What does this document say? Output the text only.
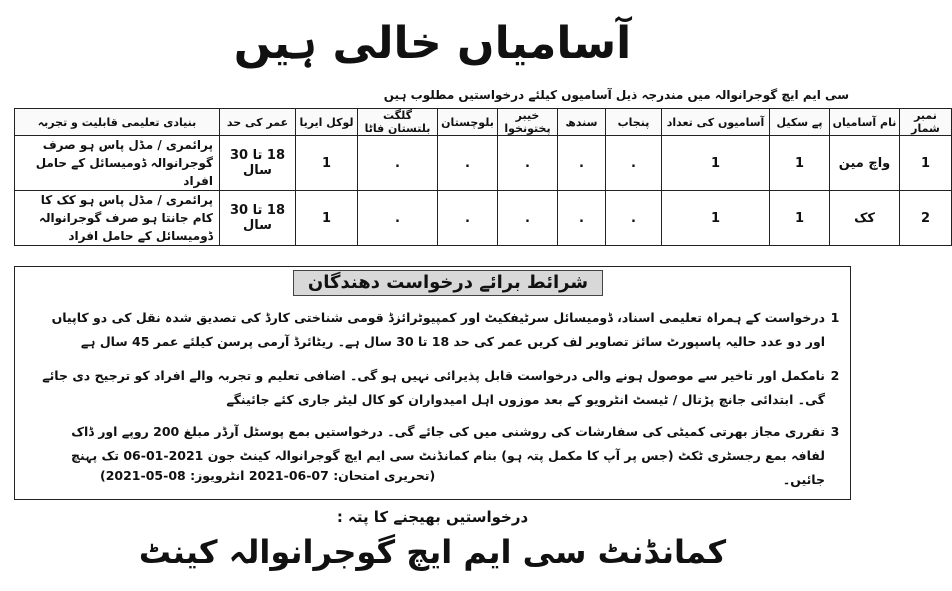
آسامیاں خالی ہیں
سی ایم ایچ گوجرانوالہ میں مندرجہ ذیل آسامیوں کیلئے درخواستیں مطلوب ہیں
نمبر شمار	نام آسامیاں	پے سکیل	آسامیوں کی تعداد	پنجاب	سندھ	خیبر پختونخوا	بلوچستان	گلگت بلتستان فاٹا	لوکل ایریا	عمر کی حد	بنیادی تعلیمی قابلیت و تجربہ
1	واچ مین	1	1	.	.	.	.	.	1	18 تا 30 سال	پرائمری / مڈل پاس ہو صرف گوجرانوالہ ڈومیسائل کے حامل افراد
2	کک	1	1	.	.	.	.	.	1	18 تا 30 سال	پرائمری / مڈل پاس ہو کک کا کام جانتا ہو صرف گوجرانوالہ ڈومیسائل کے حامل افراد
شرائط برائے درخواست دھندگان
1
درخواست کے ہمراہ تعلیمی اسناد، ڈومیسائل سرٹیفکیٹ اور کمپیوٹرائزڈ قومی شناختی کارڈ کی تصدیق شدہ نقل کی دو کاپیاں اور دو عدد حالیہ پاسپورٹ سائز تصاویر لف کریں عمر کی حد 18 تا 30 سال ہے۔ ریٹائرڈ آرمی پرسن کیلئے عمر 45 سال ہے
2
نامکمل اور تاخیر سے موصول ہونے والی درخواست قابل پذیرائی نہیں ہو گی۔ اضافی تعلیم و تجربہ والے افراد کو ترجیح دی جائے گی۔ ابتدائی جانچ پڑتال / ٹیسٹ انٹرویو کے بعد موزوں اہل امیدواران کو کال لیٹر جاری کئے جائینگے
3
تقرری مجاز بھرتی کمیٹی کی سفارشات کی روشنی میں کی جائے گی۔ درخواستیں بمع پوسٹل آرڈر مبلغ 200 روپے اور ڈاک لفافہ بمع رجسٹری ٹکٹ (جس پر آپ کا مکمل پتہ ہو) بنام کمانڈنٹ سی ایم ایچ گوجرانوالہ کینٹ جون 2021-01-06 تک پہنچ جائیں۔
(تحریری امتحان: 07-06-2021 انٹرویوز: 08-05-2021)
درخواستیں بھیجنے کا پتہ :
کمانڈنٹ سی ایم ایچ گوجرانوالہ کینٹ
